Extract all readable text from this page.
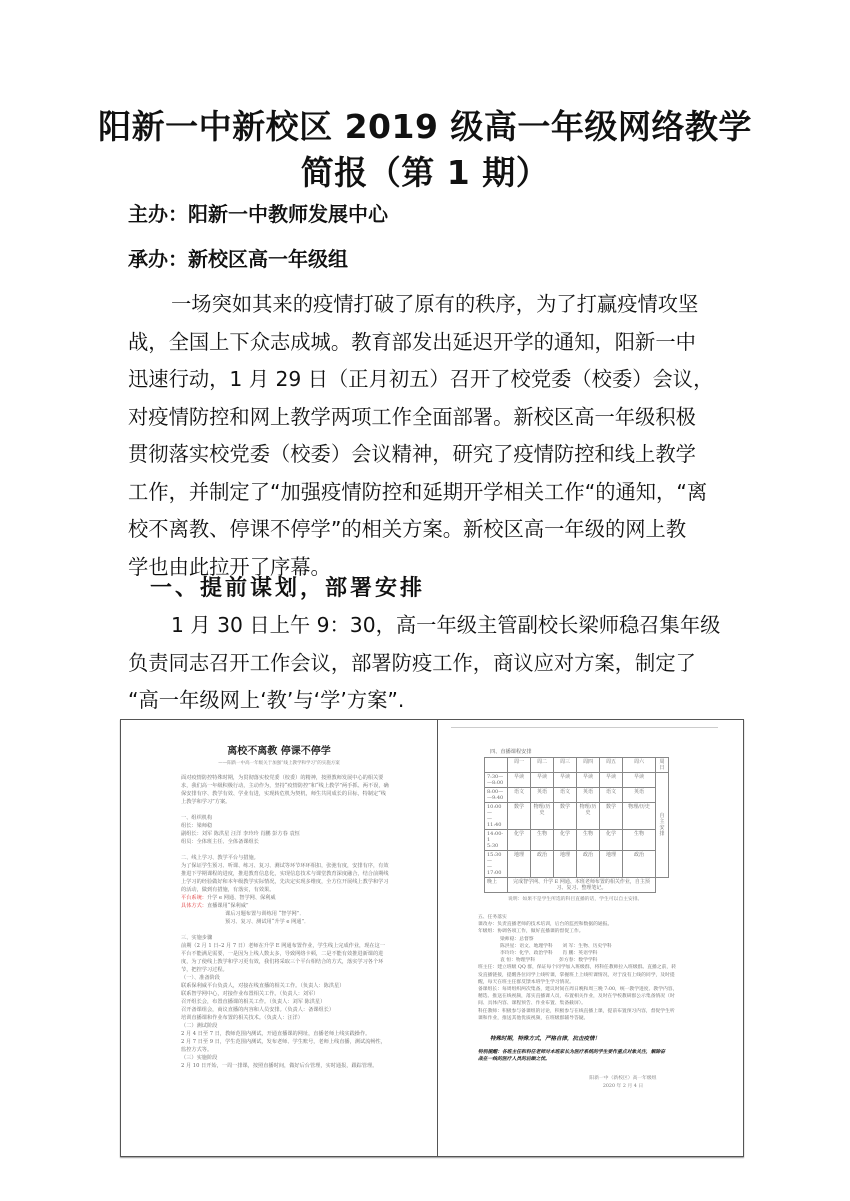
阳新一中新校区 2019 级高一年级网络教学
简报（第 1 期）
主办：阳新一中教师发展中心
承办：新校区高一年级组
一场突如其来的疫情打破了原有的秩序，为了打赢疫情攻坚
战，全国上下众志成城。教育部发出延迟开学的通知，阳新一中
迅速行动，1 月 29 日（正月初五）召开了校党委（校委）会议，
对疫情防控和网上教学两项工作全面部署。新校区高一年级积极
贯彻落实校党委（校委）会议精神，研究了疫情防控和线上教学
工作，并制定了“加强疫情防控和延期开学相关工作“的通知，“离
校不离教、停课不停学”的相关方案。新校区高一年级的网上教
学也由此拉开了序幕。
一、提前谋划，部署安排
1 月 30 日上午 9：30，高一年级主管副校长梁师稳召集年级
负责同志召开工作会议，部署防疫工作，商议应对方案，制定了
“高一年级网上‘教’与‘学’方案”.
离校不离教 停课不停学
——阳新一中高一年级关于加强“线上教学和学习”的实施方案

面对疫情防控特殊时期，为贯彻落实校党委（校委）的精神，按照教师发展中心的相关要求，我们高一年级积极行动，主动作为，坚持“疫情防控”和“线上教学”两手抓、两不误，确保安排有序、教学有效、学业有进，实现转危机为契机，师生共同成长的目标，特制定“线上教学和学习”方案。

一、组织机构

组长：梁师稳

副组长：刘军 陈洪星 汪洋 李玲玲 肖鹏 彭方春 袁恒

组员：全体班主任、全体备课组长

二、线上学习、教学平台与措施。

为了保证学生预习、听课、练习、复习、测试等环节环环相扣，张弛有度，安排有序，有效推进下学期课程的进度，推进教育信息化，实现信息技术与课堂教育深度融合，结合前期线上学习的经验做好和本年级教学实际情况，先决定实现多维度，全方位开展线上教学和学习的活动，做到有措施，有落实，有效果。

平台系统：升学 e 网通、智学网、保利威

具体方式：直播课用“保利威”

课后习题布置与训练用 “智学网”．

预习、复习、测试用“升学 e 网通”．

三、实施步骤

前期（2 月 1 日–2 月 7 日）老师在升学 E 网通布置作业，学生线上完成作业，现在这一平台不能满足需要，一是因为上线人数太多，导致网络卡顿，二是不能有效推进新课的进度，为了使线上教学和学习更有效，我们将采取三个平台相结合的方式，落实学习各个环节，把控学习过程。

（一）、准备阶段

联系保利威平台负责人，对接在线直播的相关工作。（负责人：陈洪星）

联系智学网中心，对接作业布置相关工作。（负责人：刘军）

召开组长会，布置直播课的相关工作。（负责人：刘军 陈洪星）

召开备课组会，商议直播的内容和人员安排。（负责人：备课组长）

培训直播课和作业布置的相关技术。（负责人：汪洋）

（二）测试阶段

2 月 4 日至 7 日，教师范围内测试，开通直播课的网址，直播老师上线实践操作。

2 月 7 日至 9 日，学生范围内测试，发布老师、学生账号，老师上线直播，测试流畅性，监控方式等。

（三）实施阶段

2 月 10 日开始，一周一排课，按照直播时间，做好后台管理，实时通报，跟踪管理。

四、直播课程安排
	周一	周二	周三	周四	周五	周六	周日
7:30—
—8:00	早读	早读	早读	早读	早读	早读	自主安排
8:00—
—9:40	语文	英语	语文	英语	语文	英语	
10:00—
—11:40	数学	物理/历史	数学	物理/历史	数学	物理/历史	
14:00-1
5:30	化学	生物	化学	生物	化学	生物	
15:30—
—17:00	地理	政治	地理	政治	地理	政治	
晚上	完成智学网、升学 E 网通、本班老师布置的相关作业，自主预习、复习、整理笔记。						
说明：如果不是学生所选的科目直播的话，学生可以自主安排。

五、任务落实

课改办：负责直播老师的技术培训，后台的监控和数据的通报。

年级组：协调各项工作，做好直播课的督促工作。

梁师稳：总督察

陈洪星：语文、地理学科　　刘 军：生物、历史学科

李玲玲：化学、政治学科　　肖 鹏：英语学科

袁 恒：物理学科　　　　　彭方春：数学学科

班主任：建立班级 QQ 群，保证每个同学加入班级群，将科任教师拉入班级群。直播之前，转发直播链接，提醒各位同学上线听课，掌握班上上线听课情况，对于没有上线的同学，及时提醒，每天在班主任群反馈本班学生学习情况。

备课组长：每周组织两次集备，建议时间在周日晚和周三晚 7:00，统一教学进度、教学内容，精选、推送在线视频，落实直播课人员，布置相关作业，及时在学校教研群公示集备情况（时间、具体内容、课程预告、作业布置、集备截屏）。

科任教师：积极参与备课组的讨论，积极参与在线直播上课，提前布置预习内容，督促学生听课和作业，推送其他优质视频，在班级群辅导答疑。

特殊时期，特殊方式，严格自律，抗击疫情！
特别提醒：各班主任和科任老师对本班家长为医疗系统的学生要作重点对象关注，解除奋战在一线的医疗人员的后顾之忧。
阳新一中（新校区）高一年级组
2020 年 2 月 4 日
